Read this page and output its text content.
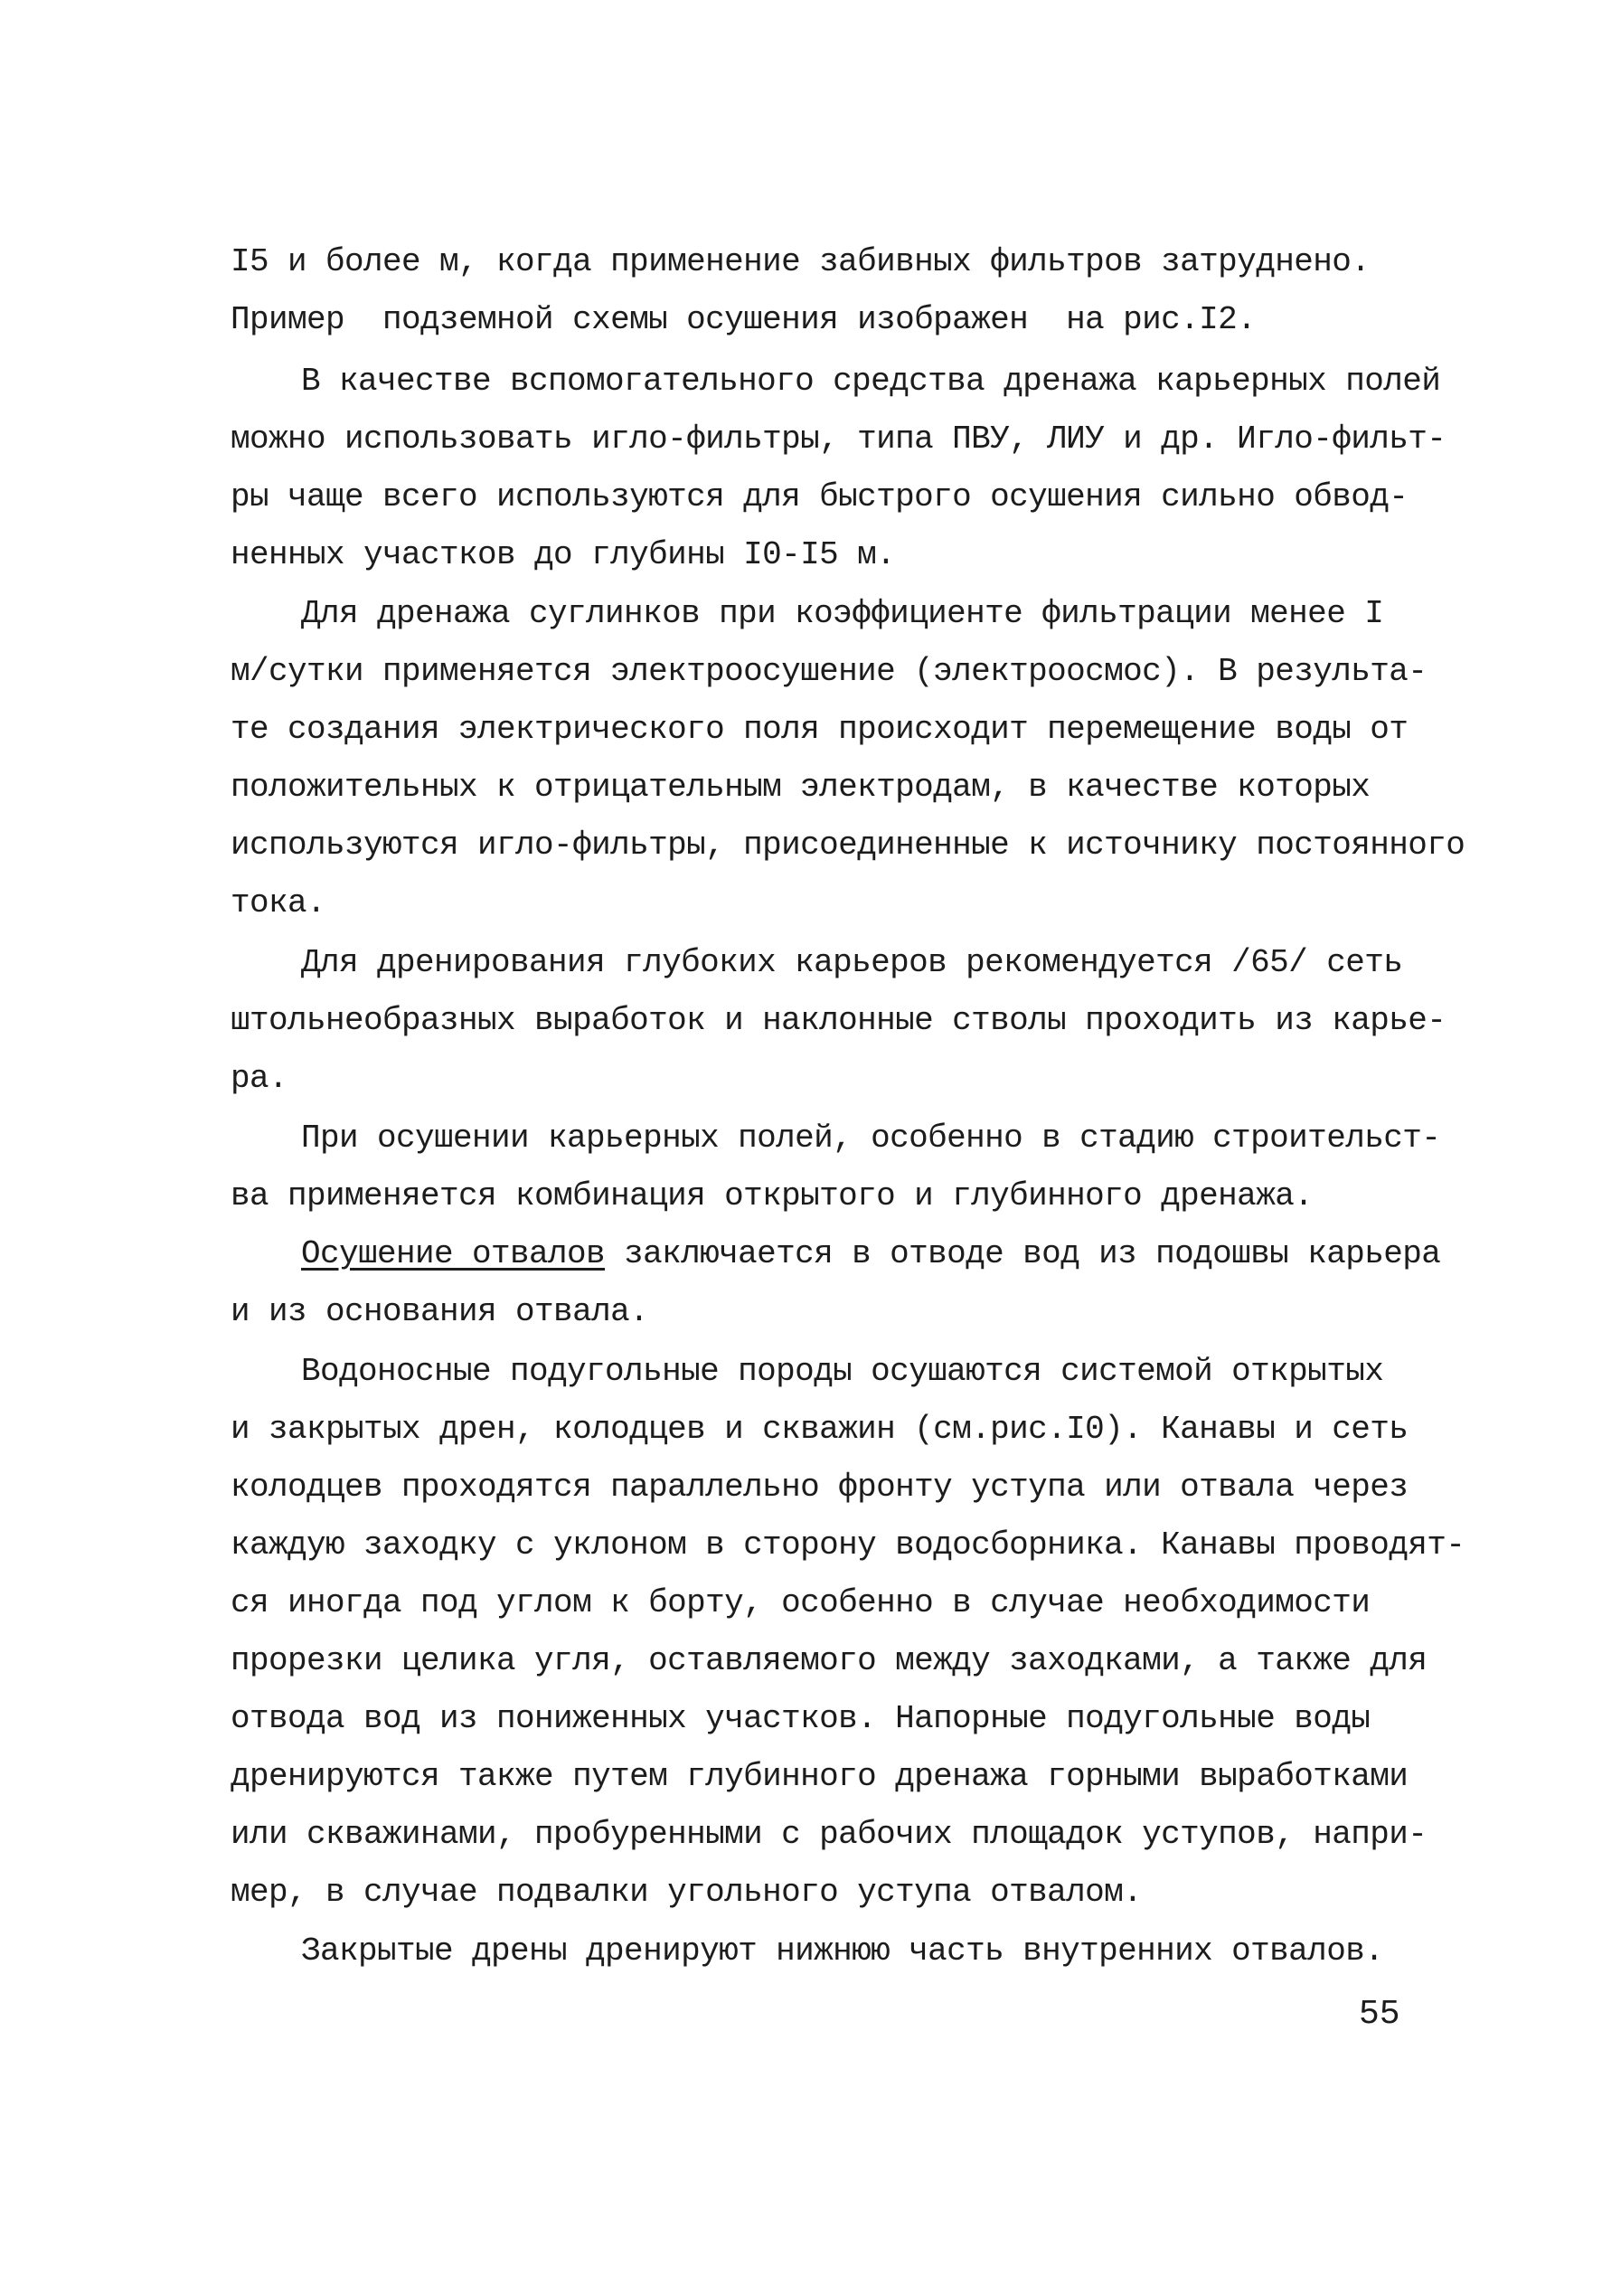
I5 и более м, когда применение забивных фильтров затруднено.
Пример  подземной схемы осушения изображен  на рис.I2.
В качестве вспомогательного средства дренажа карьерных полей
можно использовать игло-фильтры, типа ПВУ, ЛИУ и др. Игло-фильт-
ры чаще всего используются для быстрого осушения сильно обвод-
ненных участков до глубины I0-I5 м.
Для дренажа суглинков при коэффициенте фильтрации менее I
м/сутки применяется электроосушение (электроосмос). В результа-
те создания электрического поля происходит перемещение воды от
положительных к отрицательным электродам, в качестве которых
используются игло-фильтры, присоединенные к источнику постоянного
тока.
Для дренирования глубоких карьеров рекомендуется /65/ сеть
штольнеобразных выработок и наклонные стволы проходить из карье-
ра.
При осушении карьерных полей, особенно в стадию строительст-
ва применяется комбинация открытого и глубинного дренажа.
Осушение отвалов заключается в отводе вод из подошвы карьера
и из основания отвала.
Водоносные подугольные породы осушаются системой открытых
и закрытых дрен, колодцев и скважин (см.рис.I0). Канавы и сеть
колодцев проходятся параллельно фронту уступа или отвала через
каждую заходку с уклоном в сторону водосборника. Канавы проводят-
ся иногда под углом к борту, особенно в случае необходимости
прорезки целика угля, оставляемого между заходками, а также для
отвода вод из пониженных участков. Напорные подугольные воды
дренируются также путем глубинного дренажа горными выработками
или скважинами, пробуренными с рабочих площадок уступов, напри-
мер, в случае подвалки угольного уступа отвалом.
Закрытые дрены дренируют нижнюю часть внутренних отвалов.
55
